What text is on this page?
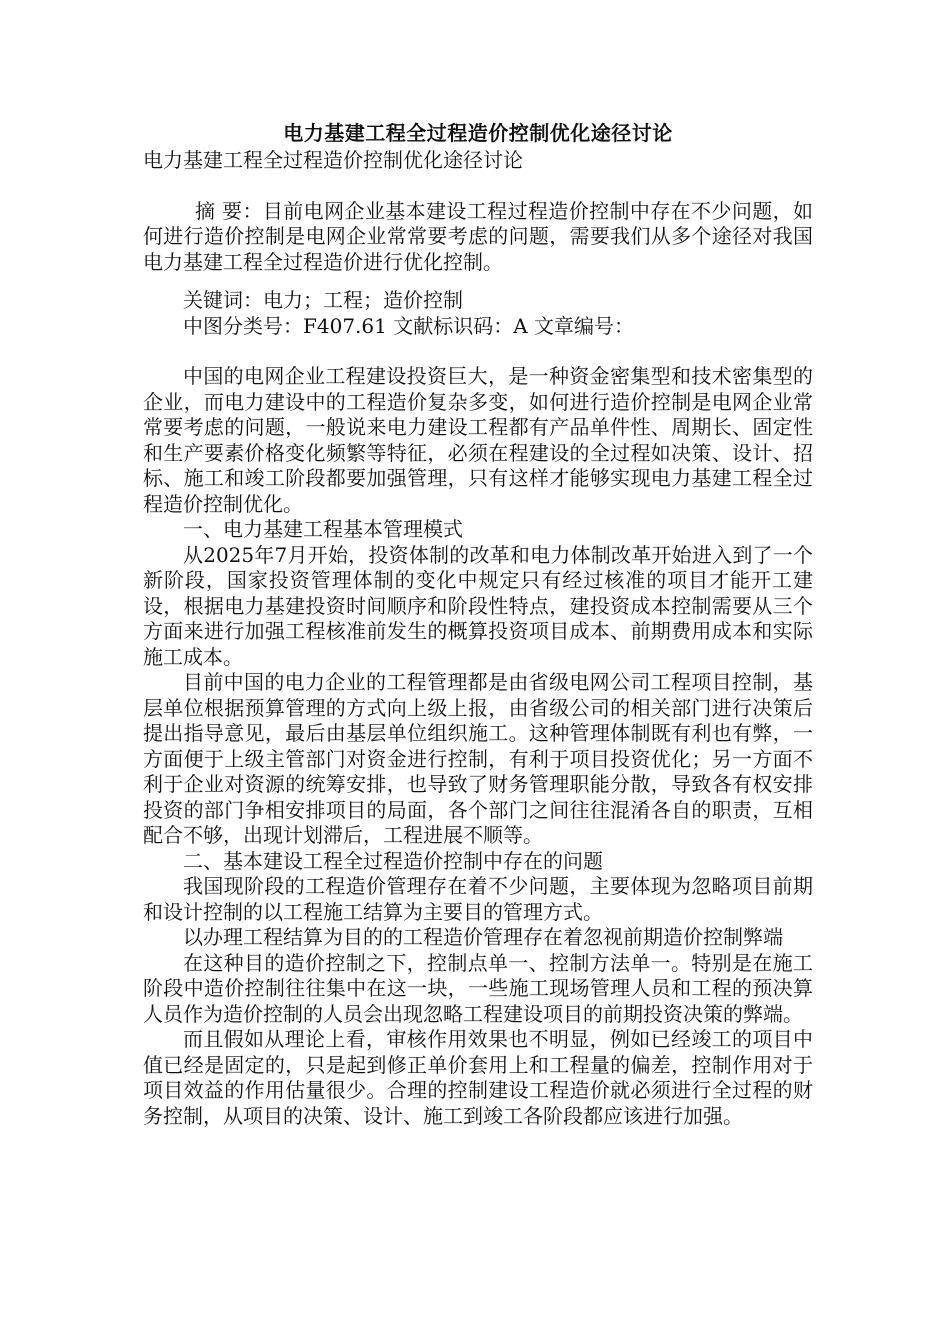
电力基建工程全过程造价控制优化途径讨论
电力基建工程全过程造价控制优化途径讨论

摘 要：目前电网企业基本建设工程过程造价控制中存在不少问题，如何进行造价控制是电网企业常常要考虑的问题，需要我们从多个途径对我国电力基建工程全过程造价进行优化控制。

关键词：电力；工程；造价控制

中图分类号：F407.61 文献标识码：A 文章编号：

中国的电网企业工程建设投资巨大，是一种资金密集型和技术密集型的企业，而电力建设中的工程造价复杂多变，如何进行造价控制是电网企业常常要考虑的问题，一般说来电力建设工程都有产品单件性、周期长、固定性和生产要素价格变化频繁等特征，必须在程建设的全过程如决策、设计、招标、施工和竣工阶段都要加强管理，只有这样才能够实现电力基建工程全过程造价控制优化。

一、电力基建工程基本管理模式

从2025年7月开始，投资体制的改革和电力体制改革开始进入到了一个新阶段，国家投资管理体制的变化中规定只有经过核准的项目才能开工建设，根据电力基建投资时间顺序和阶段性特点，建投资成本控制需要从三个方面来进行加强工程核准前发生的概算投资项目成本、前期费用成本和实际施工成本。

目前中国的电力企业的工程管理都是由省级电网公司工程项目控制，基层单位根据预算管理的方式向上级上报，由省级公司的相关部门进行决策后提出指导意见，最后由基层单位组织施工。这种管理体制既有利也有弊，一方面便于上级主管部门对资金进行控制，有利于项目投资优化；另一方面不利于企业对资源的统筹安排，也导致了财务管理职能分散，导致各有权安排投资的部门争相安排项目的局面，各个部门之间往往混淆各自的职责，互相配合不够，出现计划滞后，工程进展不顺等。

二、基本建设工程全过程造价控制中存在的问题

我国现阶段的工程造价管理存在着不少问题，主要体现为忽略项目前期和设计控制的以工程施工结算为主要目的管理方式。

以办理工程结算为目的的工程造价管理存在着忽视前期造价控制弊端

在这种目的造价控制之下，控制点单一、控制方法单一。特别是在施工阶段中造价控制往往集中在这一块，一些施工现场管理人员和工程的预决算人员作为造价控制的人员会出现忽略工程建设项目的前期投资决策的弊端。

而且假如从理论上看，审核作用效果也不明显，例如已经竣工的项目中值已经是固定的，只是起到修正单价套用上和工程量的偏差，控制作用对于项目效益的作用估量很少。合理的控制建设工程造价就必须进行全过程的财务控制，从项目的决策、设计、施工到竣工各阶段都应该进行加强。
